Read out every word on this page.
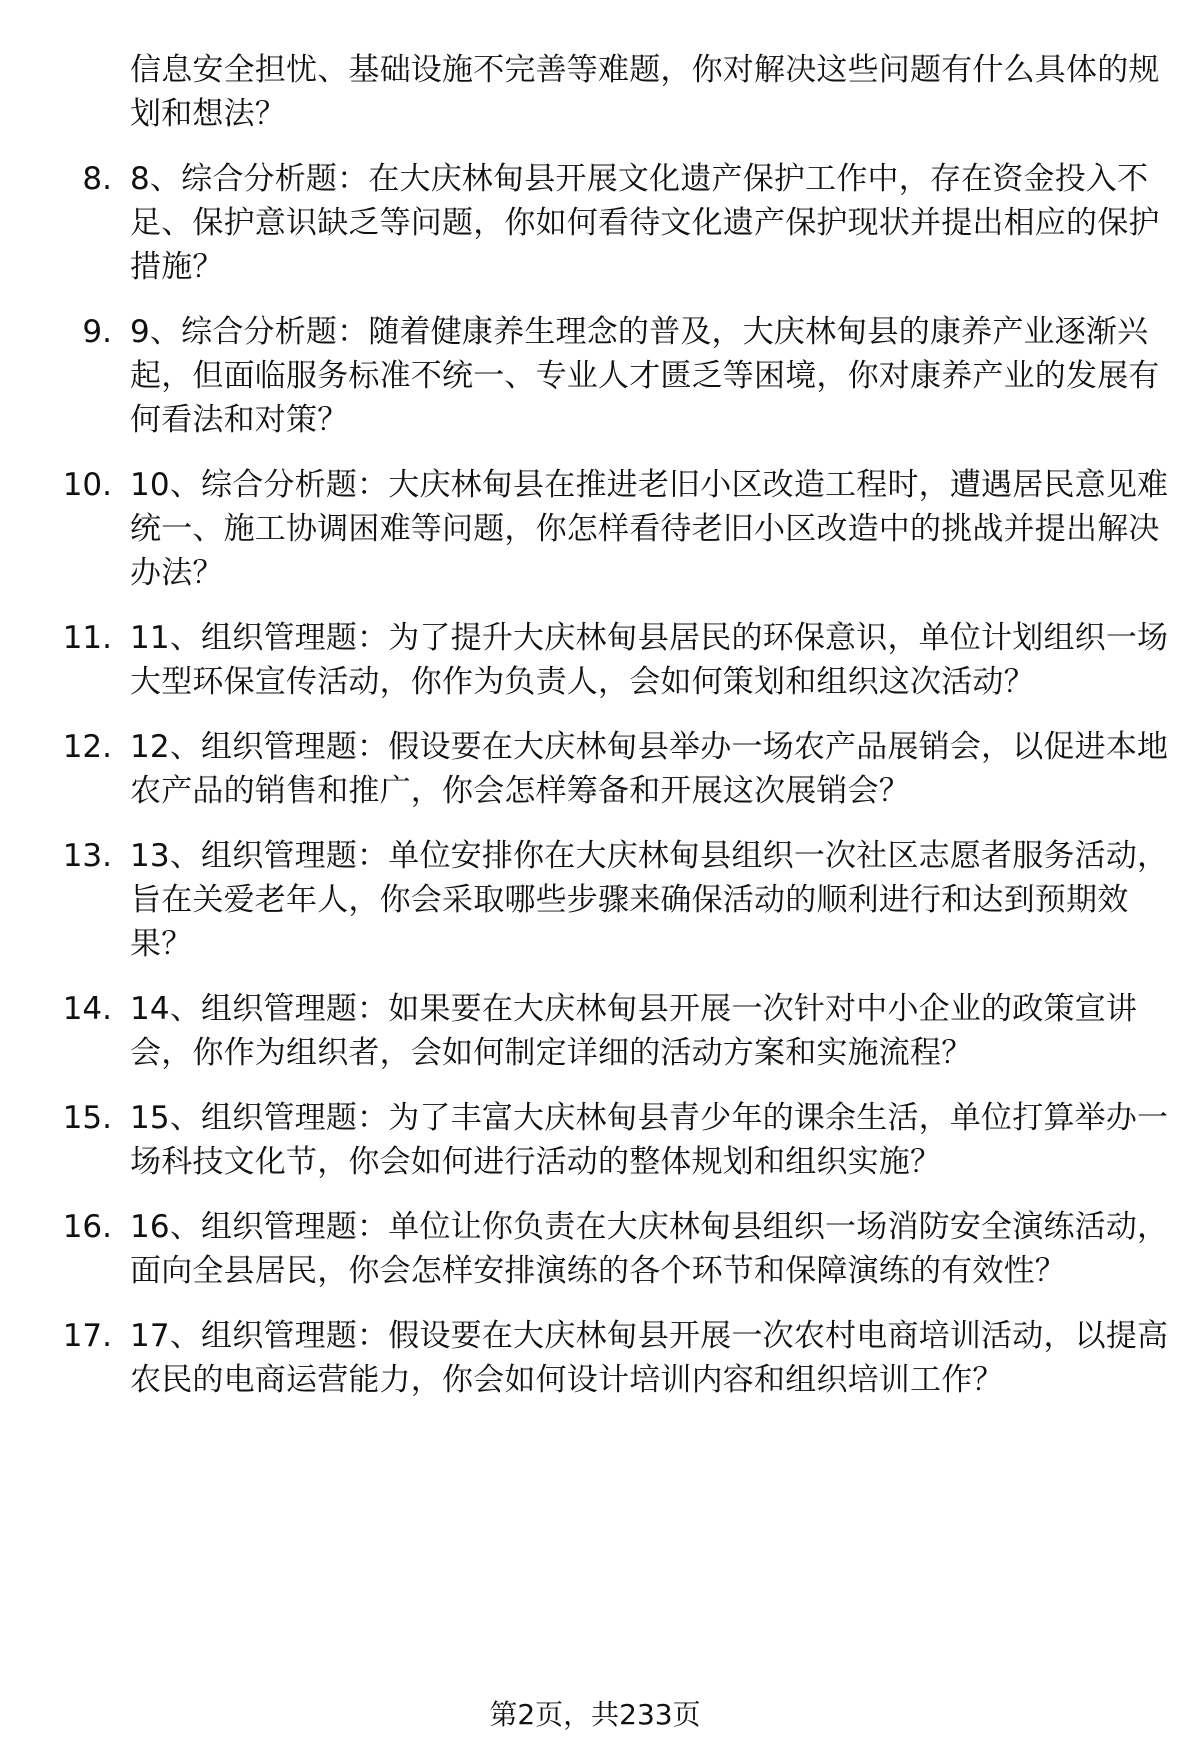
信息安全担忧、基础设施不完善等难题，你对解决这些问题有什么具体的规划和想法？
8. 8、综合分析题：在大庆林甸县开展文化遗产保护工作中，存在资金投入不足、保护意识缺乏等问题，你如何看待文化遗产保护现状并提出相应的保护措施？
9. 9、综合分析题：随着健康养生理念的普及，大庆林甸县的康养产业逐渐兴起，但面临服务标准不统一、专业人才匮乏等困境，你对康养产业的发展有何看法和对策？
10. 10、综合分析题：大庆林甸县在推进老旧小区改造工程时，遭遇居民意见难统一、施工协调困难等问题，你怎样看待老旧小区改造中的挑战并提出解决办法？
11. 11、组织管理题：为了提升大庆林甸县居民的环保意识，单位计划组织一场大型环保宣传活动，你作为负责人，会如何策划和组织这次活动？
12. 12、组织管理题：假设要在大庆林甸县举办一场农产品展销会，以促进本地农产品的销售和推广，你会怎样筹备和开展这次展销会？
13. 13、组织管理题：单位安排你在大庆林甸县组织一次社区志愿者服务活动，旨在关爱老年人，你会采取哪些步骤来确保活动的顺利进行和达到预期效果？
14. 14、组织管理题：如果要在大庆林甸县开展一次针对中小企业的政策宣讲会，你作为组织者，会如何制定详细的活动方案和实施流程？
15. 15、组织管理题：为了丰富大庆林甸县青少年的课余生活，单位打算举办一场科技文化节，你会如何进行活动的整体规划和组织实施？
16. 16、组织管理题：单位让你负责在大庆林甸县组织一场消防安全演练活动，面向全县居民，你会怎样安排演练的各个环节和保障演练的有效性？
17. 17、组织管理题：假设要在大庆林甸县开展一次农村电商培训活动，以提高农民的电商运营能力，你会如何设计培训内容和组织培训工作？
第2页，共233页
